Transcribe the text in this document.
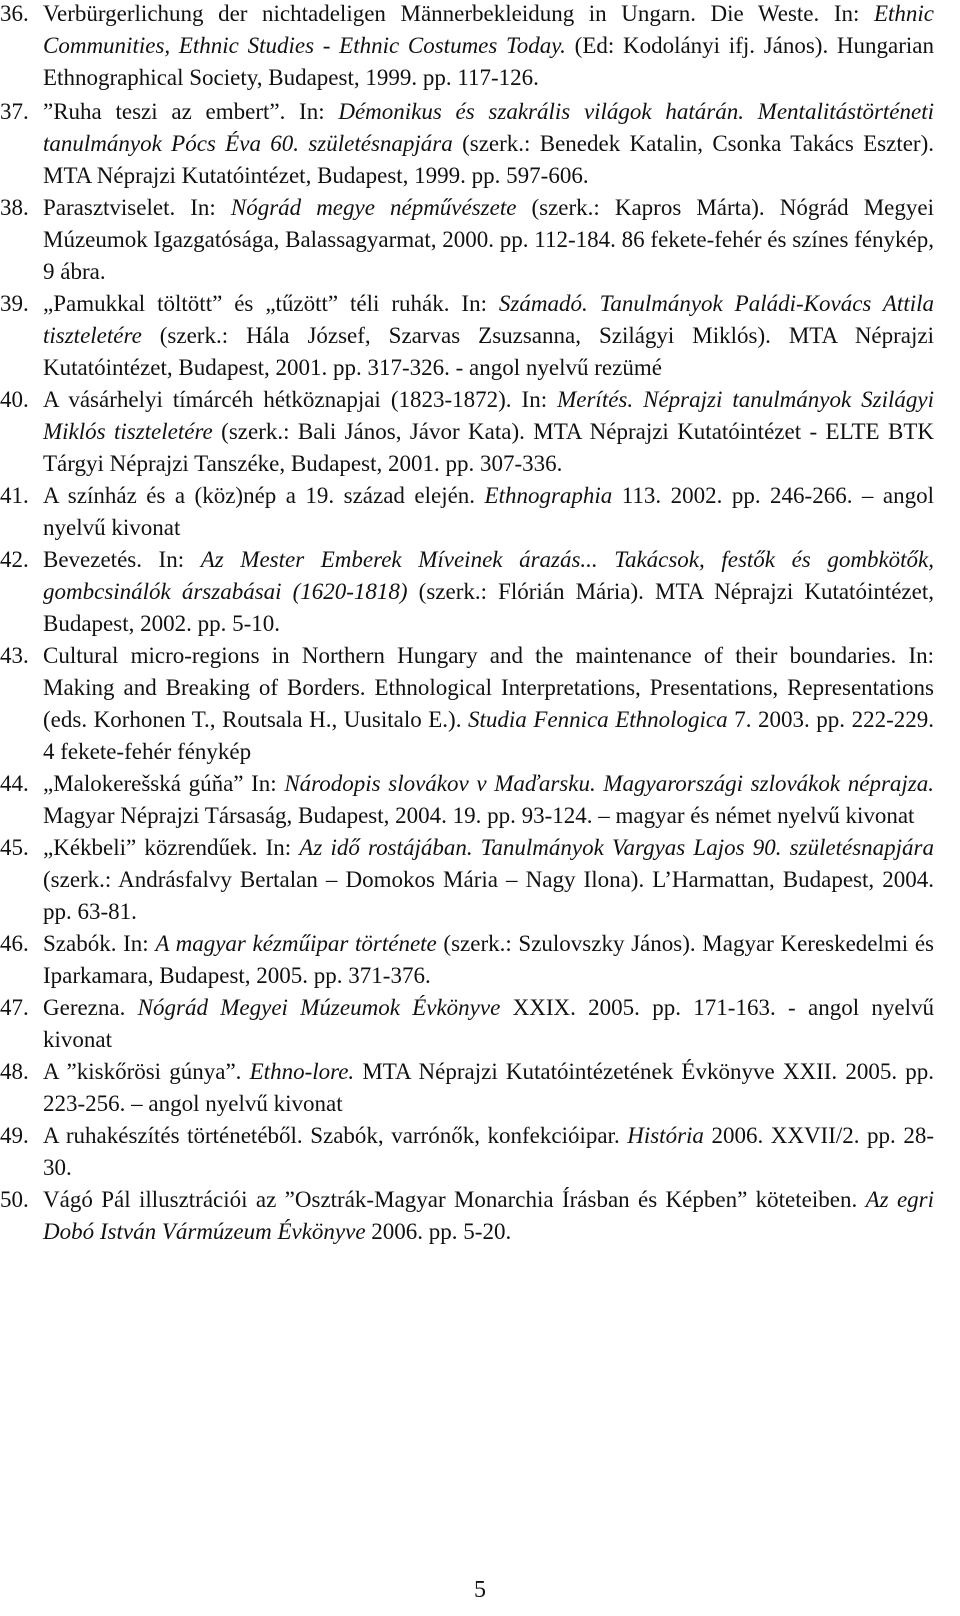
36. Verbürgerlichung der nichtadeligen Männerbekleidung in Ungarn. Die Weste. In: Ethnic Communities, Ethnic Studies - Ethnic Costumes Today. (Ed: Kodolányi ifj. János). Hungarian Ethnographical Society, Budapest, 1999. pp. 117-126.
37. ”Ruha teszi az embert”. In: Démonikus és szakrális világok határán. Mentalitástörténeti tanulmányok Pócs Éva 60. születésnapjára (szerk.: Benedek Katalin, Csonka Takács Eszter). MTA Néprajzi Kutatóintézet, Budapest, 1999. pp. 597-606.
38. Parasztviselet. In: Nógrád megye népművészete (szerk.: Kapros Márta). Nógrád Megyei Múzeumok Igazgatósága, Balassagyarmat, 2000. pp. 112-184. 86 fekete-fehér és színes fénykép, 9 ábra.
39. „Pamukkal töltött” és „tűzött” téli ruhák. In: Számadó. Tanulmányok Paládi-Kovács Attila tiszteletére (szerk.: Hála József, Szarvas Zsuzsanna, Szilágyi Miklós). MTA Néprajzi Kutatóintézet, Budapest, 2001. pp. 317-326. - angol nyelvű rezümé
40. A vásárhelyi tímárcéh hétköznapjai (1823-1872). In: Merítés. Néprajzi tanulmányok Szilágyi Miklós tiszteletére (szerk.: Bali János, Jávor Kata). MTA Néprajzi Kutatóintézet - ELTE BTK Tárgyi Néprajzi Tanszéke, Budapest, 2001. pp. 307-336.
41. A színház és a (köz)nép a 19. század elején. Ethnographia 113. 2002. pp. 246-266. – angol nyelvű kivonat
42. Bevezetés. In: Az Mester Emberek Míveinek árazás... Takácsok, festők és gombkötők, gombcsinálók árszabásai (1620-1818) (szerk.: Flórián Mária). MTA Néprajzi Kutatóintézet, Budapest, 2002. pp. 5-10.
43. Cultural micro-regions in Northern Hungary and the maintenance of their boundaries. In: Making and Breaking of Borders. Ethnological Interpretations, Presentations, Representations (eds. Korhonen T., Routsala H., Uusitalo E.). Studia Fennica Ethnologica 7. 2003. pp. 222-229. 4 fekete-fehér fénykép
44. „Malokerešská gúňa” In: Národopis slovákov v Maďarsku. Magyarországi szlovákok néprajza. Magyar Néprajzi Társaság, Budapest, 2004. 19. pp. 93-124. – magyar és német nyelvű kivonat
45. „Kékbeli” közrendűek. In: Az idő rostájában. Tanulmányok Vargyas Lajos 90. születésnapjára (szerk.: Andrásfalvy Bertalan – Domokos Mária – Nagy Ilona). L’Harmattan, Budapest, 2004. pp. 63-81.
46. Szabók. In: A magyar kézműipar története (szerk.: Szulovszky János). Magyar Kereskedelmi és Iparkamara, Budapest, 2005. pp. 371-376.
47. Gerezna. Nógrád Megyei Múzeumok Évkönyve XXIX. 2005. pp. 171-163. - angol nyelvű kivonat
48. A ”kiskőrösi gúnya”. Ethno-lore. MTA Néprajzi Kutatóintézetének Évkönyve XXII. 2005. pp. 223-256. – angol nyelvű kivonat
49. A ruhakészítés történetéből. Szabók, varrónők, konfekcióipar. História 2006. XXVII/2. pp. 28-30.
50. Vágó Pál illusztrációi az ”Osztrák-Magyar Monarchia Írásban és Képben” köteteiben. Az egri Dobó István Vármúzeum Évkönyve 2006. pp. 5-20.
5
